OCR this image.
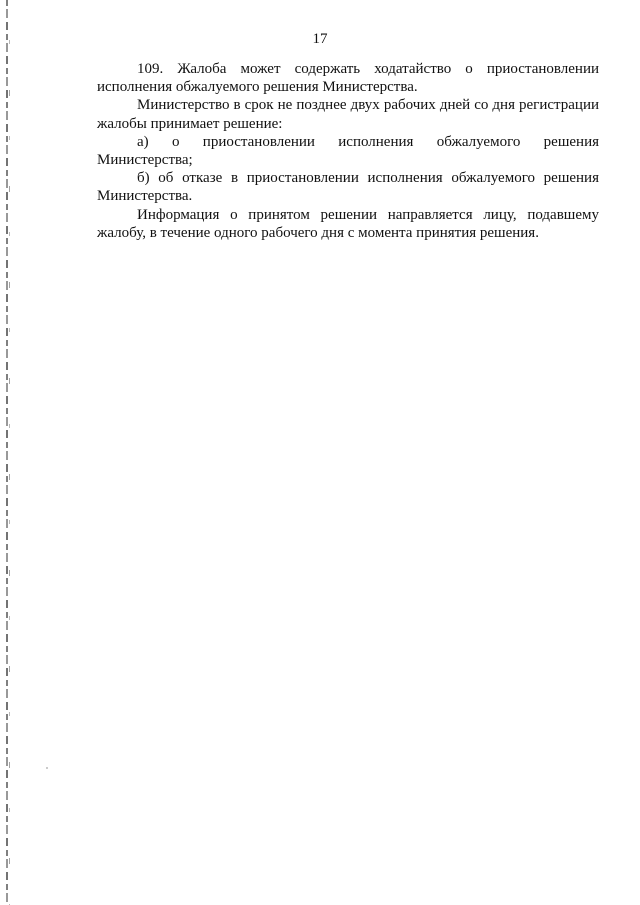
17

109. Жалоба может содержать ходатайство о приостановлении исполнения обжалуемого решения Министерства.

Министерство в срок не позднее двух рабочих дней со дня регистрации жалобы принимает решение:

а) о приостановлении исполнения обжалуемого решения Министерства;

б) об отказе в приостановлении исполнения обжалуемого решения Министерства.

Информация о принятом решении направляется лицу, подавшему жалобу, в течение одного рабочего дня с момента принятия решения.
